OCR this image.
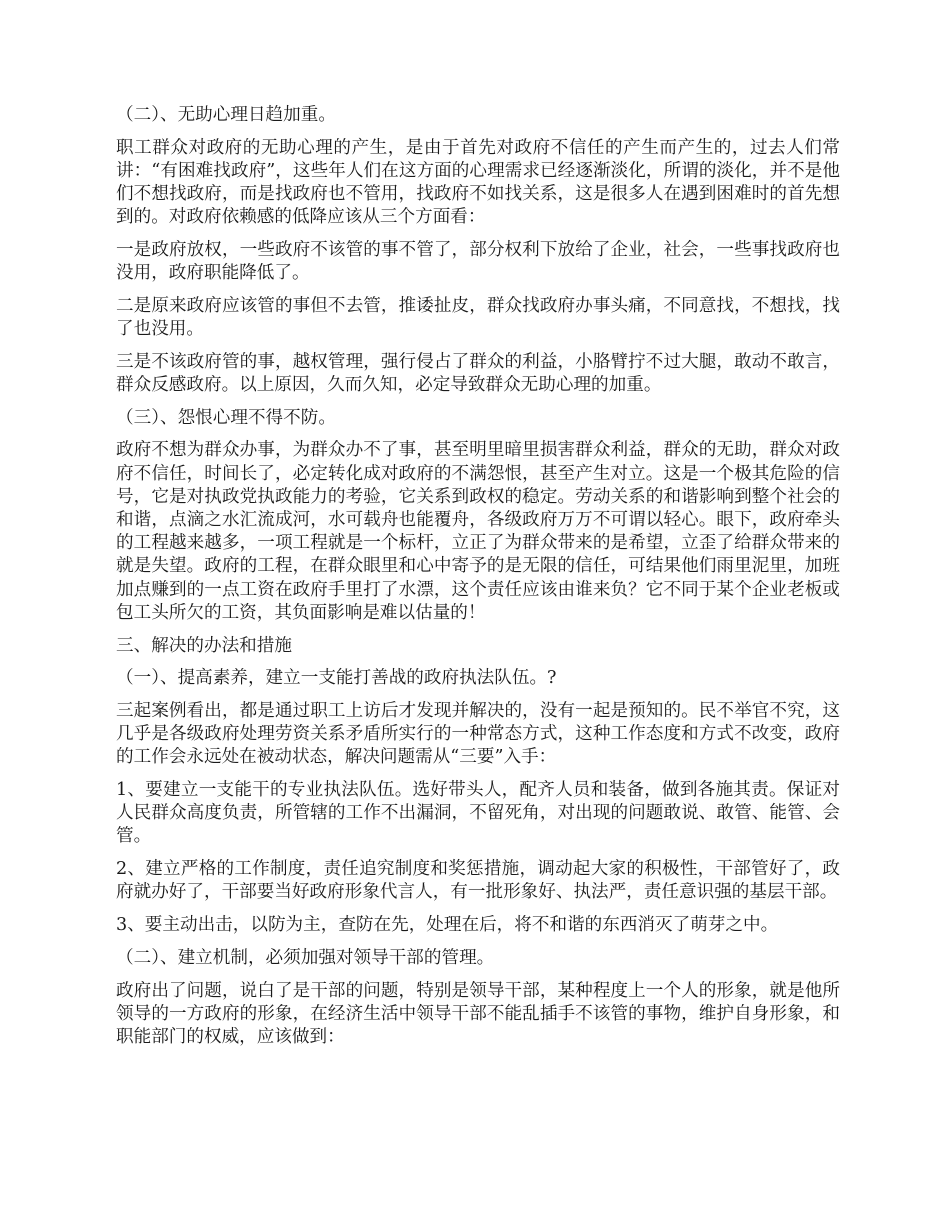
（二）、无助心理日趋加重。

职工群众对政府的无助心理的产生，是由于首先对政府不信任的产生而产生的，过去人们常讲：“有困难找政府”，这些年人们在这方面的心理需求已经逐渐淡化，所谓的淡化，并不是他们不想找政府，而是找政府也不管用，找政府不如找关系，这是很多人在遇到困难时的首先想到的。对政府依赖感的低降应该从三个方面看：

一是政府放权，一些政府不该管的事不管了，部分权利下放给了企业，社会，一些事找政府也没用，政府职能降低了。

二是原来政府应该管的事但不去管，推诿扯皮，群众找政府办事头痛，不同意找，不想找，找了也没用。

三是不该政府管的事，越权管理，强行侵占了群众的利益，小胳臂拧不过大腿，敢动不敢言，群众反感政府。以上原因，久而久知，必定导致群众无助心理的加重。

（三）、怨恨心理不得不防。

政府不想为群众办事，为群众办不了事，甚至明里暗里损害群众利益，群众的无助，群众对政府不信任，时间长了，必定转化成对政府的不满怨恨，甚至产生对立。这是一个极其危险的信号，它是对执政党执政能力的考验，它关系到政权的稳定。劳动关系的和谐影响到整个社会的和谐，点滴之水汇流成河，水可载舟也能覆舟，各级政府万万不可谓以轻心。眼下，政府牵头的工程越来越多，一项工程就是一个标杆，立正了为群众带来的是希望，立歪了给群众带来的就是失望。政府的工程，在群众眼里和心中寄予的是无限的信任，可结果他们雨里泥里，加班加点赚到的一点工资在政府手里打了水漂，这个责任应该由谁来负？它不同于某个企业老板或包工头所欠的工资，其负面影响是难以估量的！

三、解决的办法和措施

（一）、提高素养，建立一支能打善战的政府执法队伍。?

三起案例看出，都是通过职工上访后才发现并解决的，没有一起是预知的。民不举官不究，这几乎是各级政府处理劳资关系矛盾所实行的一种常态方式，这种工作态度和方式不改变，政府的工作会永远处在被动状态，解决问题需从“三要”入手：

1、要建立一支能干的专业执法队伍。选好带头人，配齐人员和装备，做到各施其责。保证对人民群众高度负责，所管辖的工作不出漏洞，不留死角，对出现的问题敢说、敢管、能管、会管。

2、建立严格的工作制度，责任追究制度和奖惩措施，调动起大家的积极性，干部管好了，政府就办好了，干部要当好政府形象代言人，有一批形象好、执法严，责任意识强的基层干部。

3、要主动出击，以防为主，查防在先，处理在后，将不和谐的东西消灭了萌芽之中。

（二）、建立机制，必须加强对领导干部的管理。

政府出了问题，说白了是干部的问题，特别是领导干部，某种程度上一个人的形象，就是他所领导的一方政府的形象，在经济生活中领导干部不能乱插手不该管的事物，维护自身形象，和职能部门的权威，应该做到：
